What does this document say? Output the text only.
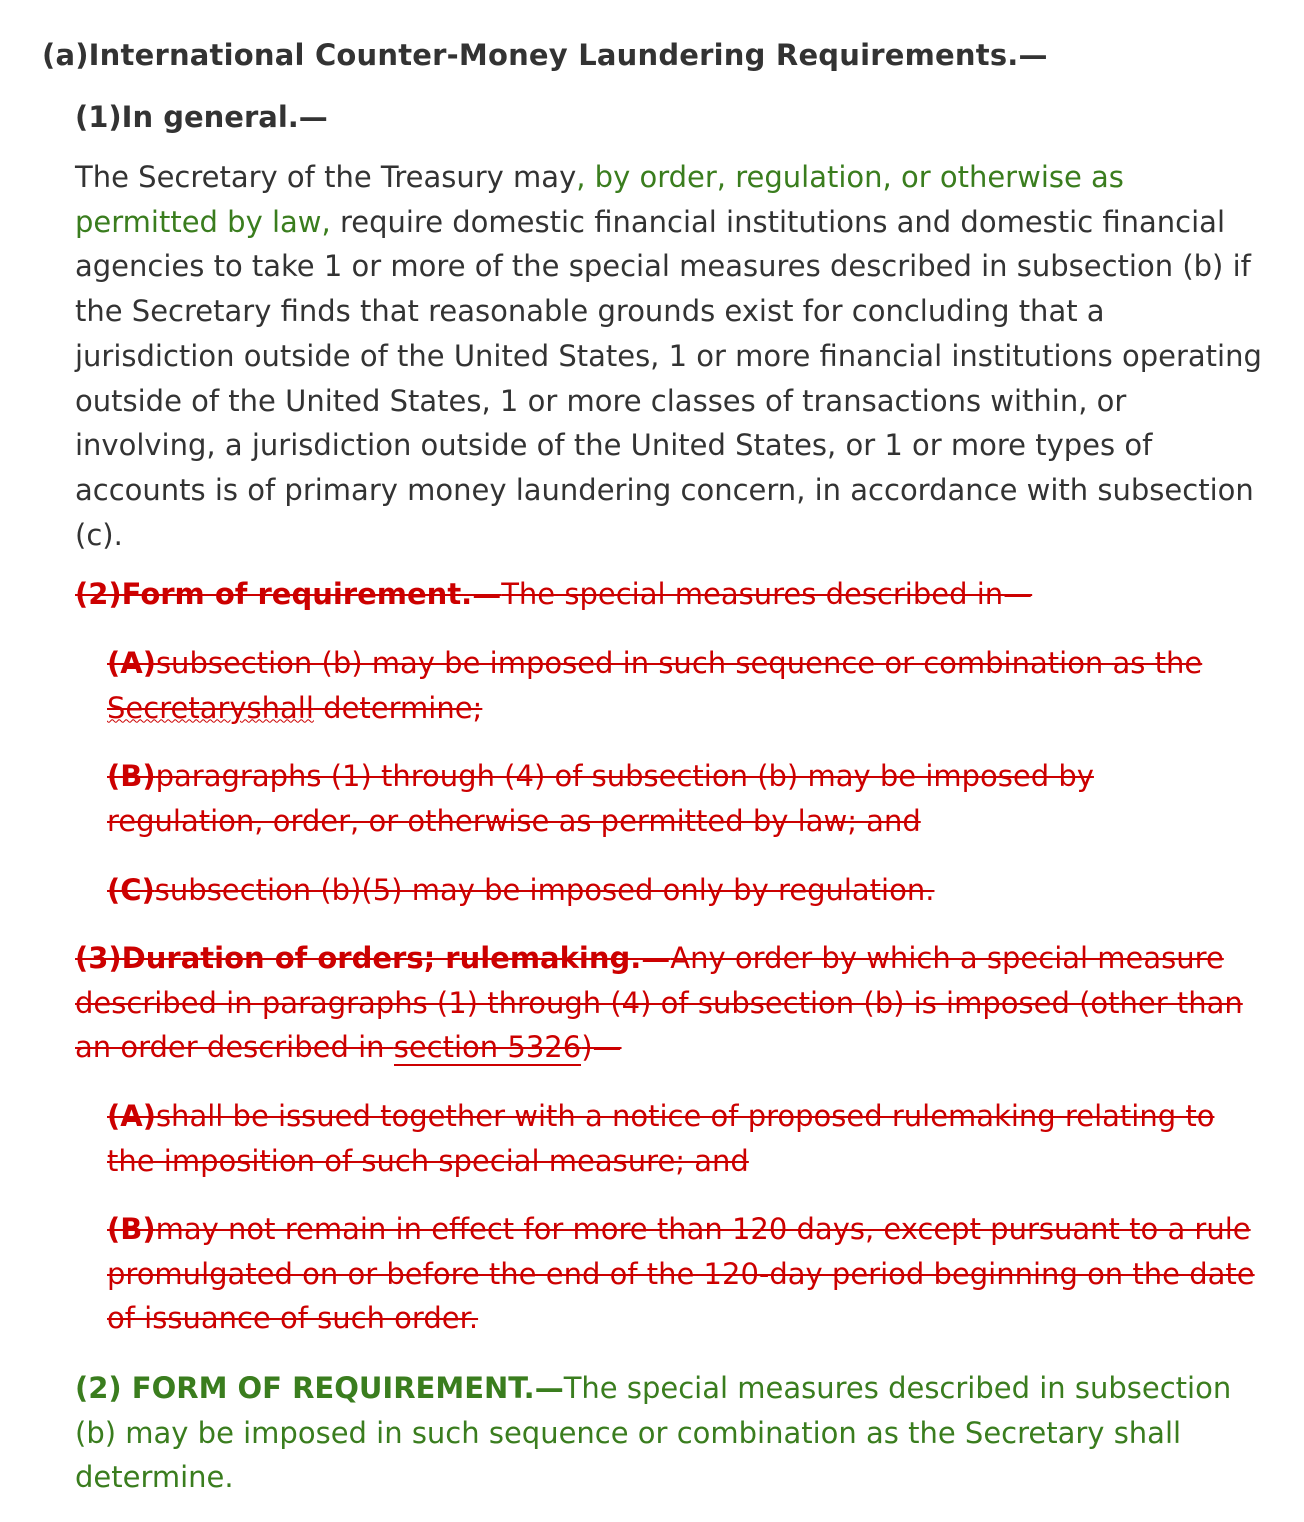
(a)International Counter-Money Laundering Requirements.—
(1)In general.—
The Secretary of the Treasury may, by order, regulation, or otherwise as permitted by law, require domestic financial institutions and domestic financial agencies to take 1 or more of the special measures described in subsection (b) if the Secretary finds that reasonable grounds exist for concluding that a jurisdiction outside of the United States, 1 or more financial institutions operating outside of the United States, 1 or more classes of transactions within, or involving, a jurisdiction outside of the United States, or 1 or more types of accounts is of primary money laundering concern, in accordance with subsection (c).
(2)Form of requirement.—The special measures described in—
(A)subsection (b) may be imposed in such sequence or combination as the Secretaryshall determine;
(B)paragraphs (1) through (4) of subsection (b) may be imposed by regulation, order, or otherwise as permitted by law; and
(C)subsection (b)(5) may be imposed only by regulation.
(3)Duration of orders; rulemaking.—Any order by which a special measure described in paragraphs (1) through (4) of subsection (b) is imposed (other than an order described in section 5326)—
(A)shall be issued together with a notice of proposed rulemaking relating to the imposition of such special measure; and
(B)may not remain in effect for more than 120 days, except pursuant to a rule promulgated on or before the end of the 120-day period beginning on the date of issuance of such order.
(2) FORM OF REQUIREMENT.—The special measures described in subsection (b) may be imposed in such sequence or combination as the Secretary shall determine.
